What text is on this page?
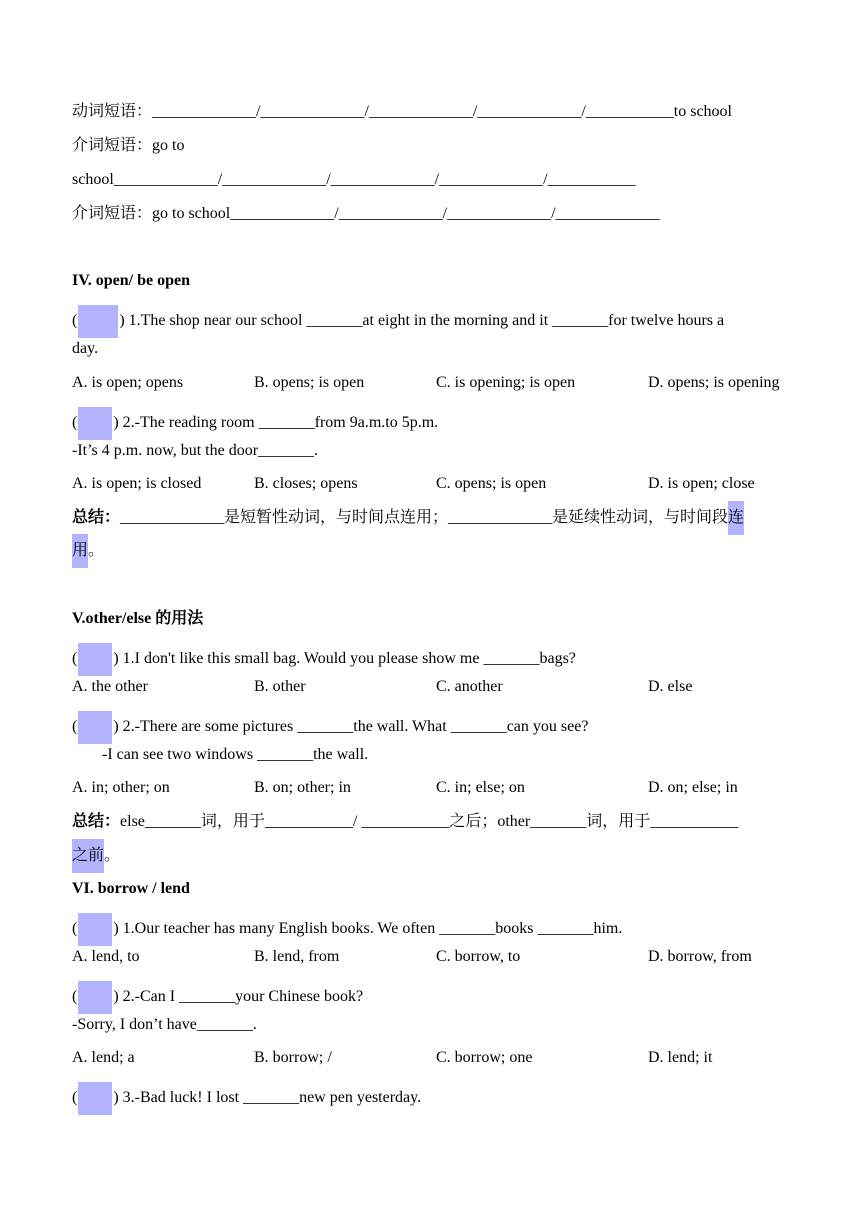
动词短语：_____________/_____________/_____________/_____________/___________to school
介词短语：go to
school_____________/_____________/_____________/_____________/___________
介词短语：go to school_____________/_____________/_____________/_____________
IV. open/ be open
(	) 1.The shop near our school _______at eight in the morning and it _______for twelve hours a
day.
A. is open; opens	B. opens; is open	C. is opening; is open	D. opens; is opening
( ) 2.-The reading room _______from 9a.m.to 5p.m.
-It’s 4 p.m. now, but the door_______.
A. is open; is closed	B. closes; opens	C. opens; is open	D. is open; close
总结：_____________是短暂性动词，与时间点连用；_____________是延续性动词，与时间段连
用。
V.other/else 的用法
( ) 1.I don't like this small bag. Would you please show me _______bags?
A. the other	B. other	C. another	D. else
( ) 2.-There are some pictures _______the wall. What _______can you see?
-I can see two windows _______the wall.
A. in; other; on	B. on; other; in	C. in; else; on	D. on; else; in
总结：else_______词，用于___________/ ___________之后；other_______词，用于___________
之前。
VI. borrow / lend
( ) 1.Our teacher has many English books. We often _______books _______him.
A. lend, to	B. lend, from	C. borrow, to	D. borrow, from
( ) 2.-Can I _______your Chinese book?
-Sorry, I don’t have_______.
A. lend; a	B. borrow; /	C. borrow; one	D. lend; it
( ) 3.-Bad luck! I lost _______new pen yesterday.
